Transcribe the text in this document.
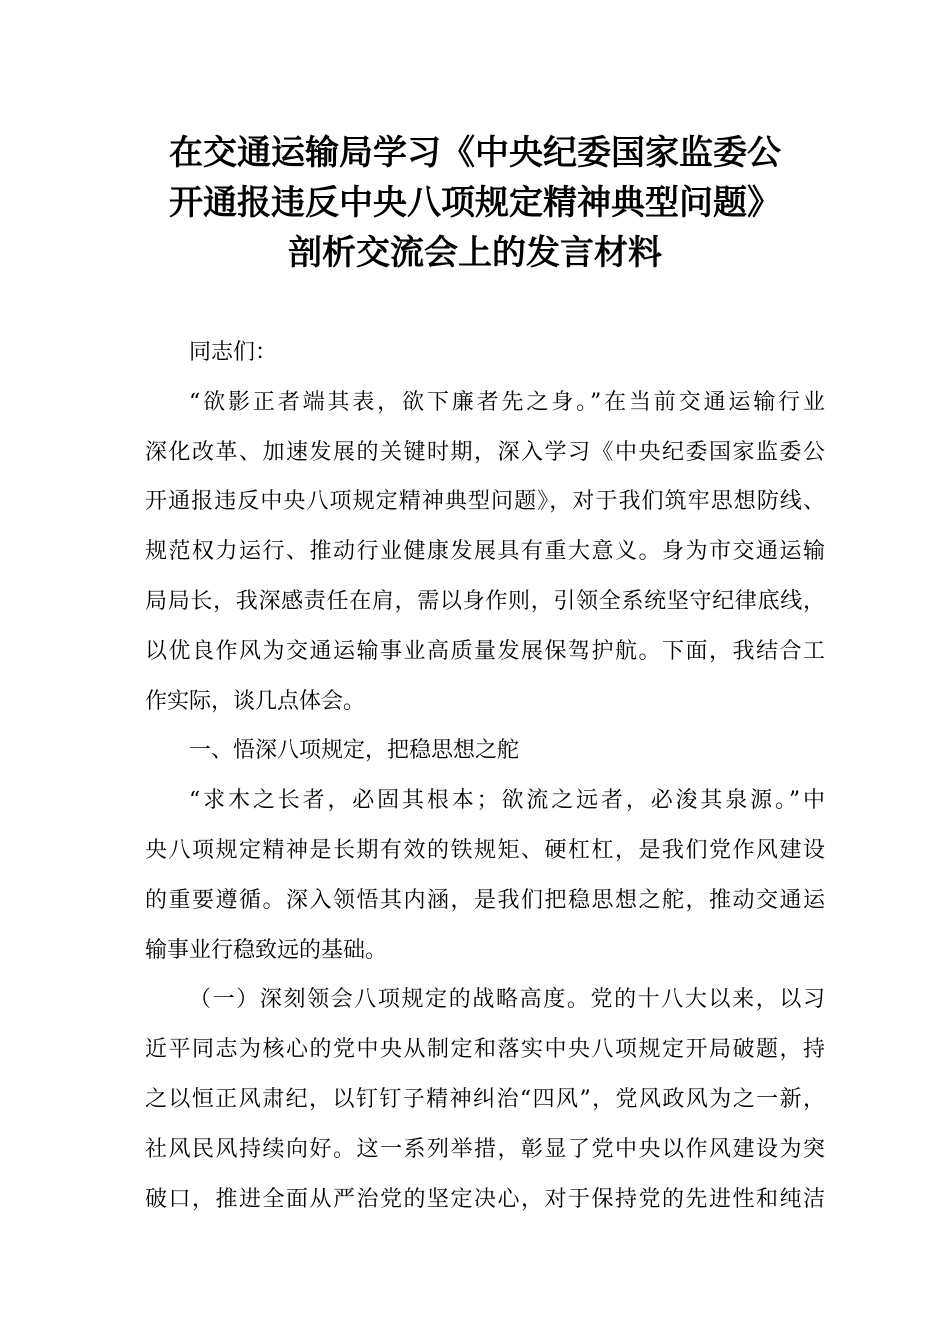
在交通运输局学习《中央纪委国家监委公
开通报违反中央八项规定精神典型问题》
剖析交流会上的发言材料
同志们：
“欲影正者端其表，欲下廉者先之身。”在当前交通运输行业
深化改革、加速发展的关键时期，深入学习《中央纪委国家监委公
开通报违反中央八项规定精神典型问题》，对于我们筑牢思想防线、
规范权力运行、推动行业健康发展具有重大意义。身为市交通运输
局局长，我深感责任在肩，需以身作则，引领全系统坚守纪律底线，
以优良作风为交通运输事业高质量发展保驾护航。下面，我结合工
作实际，谈几点体会。
一、悟深八项规定，把稳思想之舵
“求木之长者，必固其根本；欲流之远者，必浚其泉源。”中
央八项规定精神是长期有效的铁规矩、硬杠杠，是我们党作风建设
的重要遵循。深入领悟其内涵，是我们把稳思想之舵，推动交通运
输事业行稳致远的基础。
（一）深刻领会八项规定的战略高度。党的十八大以来，以习
近平同志为核心的党中央从制定和落实中央八项规定开局破题，持
之以恒正风肃纪，以钉钉子精神纠治“四风”，党风政风为之一新，
社风民风持续向好。这一系列举措，彰显了党中央以作风建设为突
破口，推进全面从严治党的坚定决心，对于保持党的先进性和纯洁
